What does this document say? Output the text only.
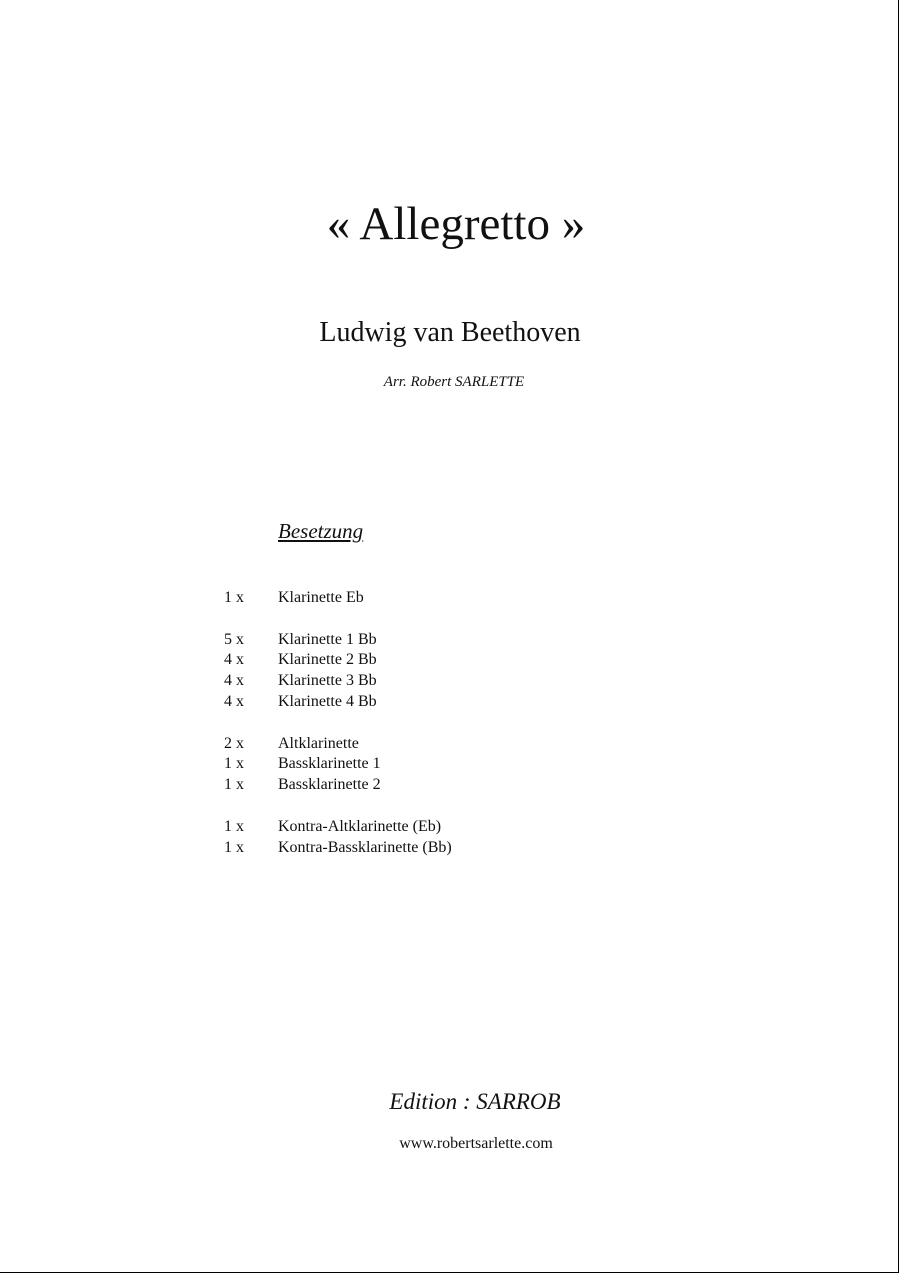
« Allegretto »
Ludwig van Beethoven
Arr. Robert SARLETTE
Besetzung
1 x Klarinette Eb
5 x Klarinette 1 Bb
4 x Klarinette 2 Bb
4 x Klarinette 3 Bb
4 x Klarinette 4 Bb
2 x Altklarinette
1 x Bassklarinette 1
1 x Bassklarinette 2
1 x Kontra-Altklarinette (Eb)
1 x Kontra-Bassklarinette (Bb)
Edition : SARROB
www.robertsarlette.com
